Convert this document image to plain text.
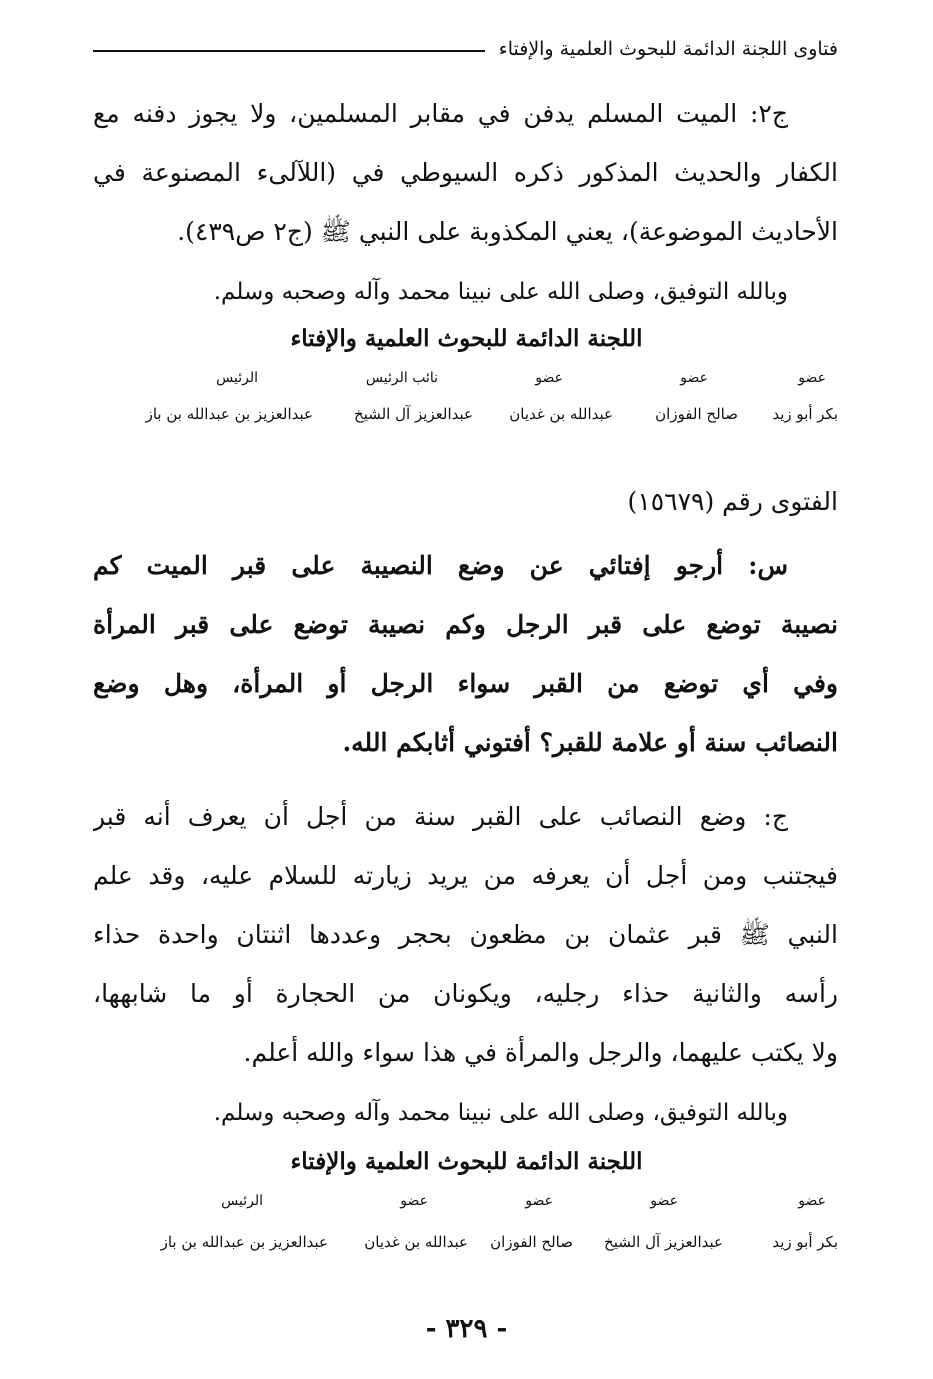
فتاوى اللجنة الدائمة للبحوث العلمية والإفتاء
ج٢: الميت المسلم يدفن في مقابر المسلمين، ولا يجوز دفنه مع
الكفار والحديث المذكور ذكره السيوطي في (اللآلىء المصنوعة في
الأحاديث الموضوعة)، يعني المكذوبة على النبي ﷺ (ج٢ ص٤٣٩).
وبالله التوفيق، وصلى الله على نبينا محمد وآله وصحبه وسلم.
اللجنة الدائمة للبحوث العلمية والإفتاء
عضو
عضو
عضو
نائب الرئيس
الرئيس
بكر أبو زيد
صالح الفوزان
عبدالله بن غديان
عبدالعزيز آل الشيخ
عبدالعزيز بن عبدالله بن باز
الفتوى رقم (١٥٦٧٩)
س: أرجو إفتائي عن وضع النصيبة على قبر الميت كم
نصيبة توضع على قبر الرجل وكم نصيبة توضع على قبر المرأة
وفي أي توضع من القبر سواء الرجل أو المرأة، وهل وضع
النصائب سنة أو علامة للقبر؟ أفتوني أثابكم الله.
ج: وضع النصائب على القبر سنة من أجل أن يعرف أنه قبر
فيجتنب ومن أجل أن يعرفه من يريد زيارته للسلام عليه، وقد علم
النبي ﷺ قبر عثمان بن مظعون بحجر وعددها اثنتان واحدة حذاء
رأسه والثانية حذاء رجليه، ويكونان من الحجارة أو ما شابهها،
ولا يكتب عليهما، والرجل والمرأة في هذا سواء والله أعلم.
وبالله التوفيق، وصلى الله على نبينا محمد وآله وصحبه وسلم.
اللجنة الدائمة للبحوث العلمية والإفتاء
عضو
عضو
عضو
عضو
الرئيس
بكر أبو زيد
عبدالعزيز آل الشيخ
صالح الفوزان
عبدالله بن غديان
عبدالعزيز بن عبدالله بن باز
- ٣٢٩ -
